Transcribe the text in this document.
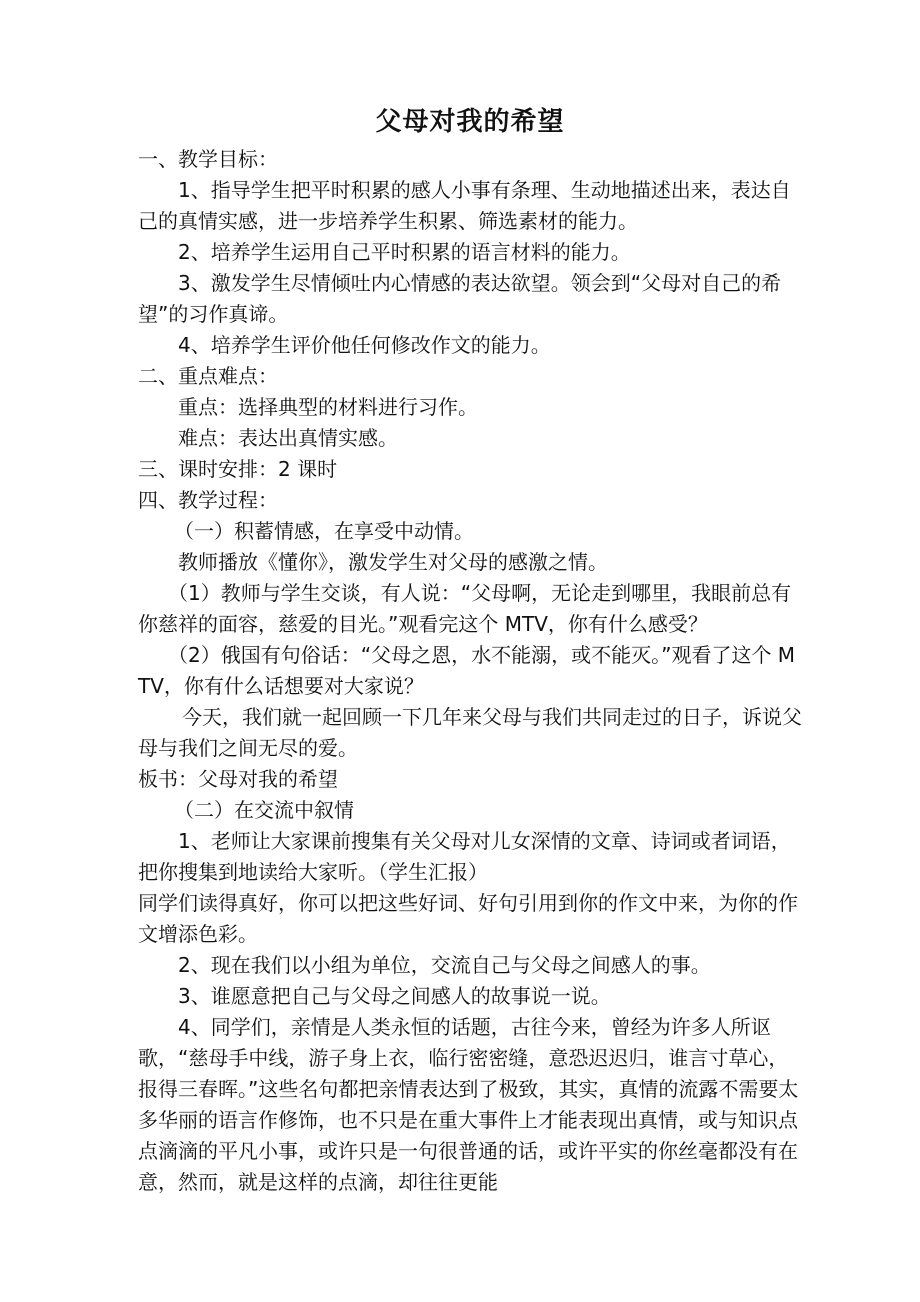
父母对我的希望

一、教学目标：

1、指导学生把平时积累的感人小事有条理、生动地描述出来，表达自己的真情实感，进一步培养学生积累、筛选素材的能力。

2、培养学生运用自己平时积累的语言材料的能力。

3、激发学生尽情倾吐内心情感的表达欲望。领会到“父母对自己的希望”的习作真谛。

4、培养学生评价他任何修改作文的能力。

二、重点难点：

重点：选择典型的材料进行习作。

难点：表达出真情实感。

三、课时安排：2 课时

四、教学过程：

（一）积蓄情感，在享受中动情。

教师播放《懂你》，激发学生对父母的感激之情。

（1）教师与学生交谈，有人说：“父母啊，无论走到哪里，我眼前总有你慈祥的面容，慈爱的目光。”观看完这个 MTV，你有什么感受？

（2）俄国有句俗话：“父母之恩，水不能溺，或不能灭。”观看了这个 MTV，你有什么话想要对大家说？

今天，我们就一起回顾一下几年来父母与我们共同走过的日子，诉说父母与我们之间无尽的爱。

板书：父母对我的希望

（二）在交流中叙情

1、老师让大家课前搜集有关父母对儿女深情的文章、诗词或者词语，把你搜集到地读给大家听。（学生汇报）

同学们读得真好，你可以把这些好词、好句引用到你的作文中来，为你的作文增添色彩。

2、现在我们以小组为单位，交流自己与父母之间感人的事。

3、谁愿意把自己与父母之间感人的故事说一说。

4、同学们，亲情是人类永恒的话题，古往今来，曾经为许多人所讴歌，“慈母手中线，游子身上衣，临行密密缝，意恐迟迟归，谁言寸草心，报得三春晖。”这些名句都把亲情表达到了极致，其实，真情的流露不需要太多华丽的语言作修饰，也不只是在重大事件上才能表现出真情，或与知识点点滴滴的平凡小事，或许只是一句很普通的话，或许平实的你丝毫都没有在意，然而，就是这样的点滴，却往往更能
